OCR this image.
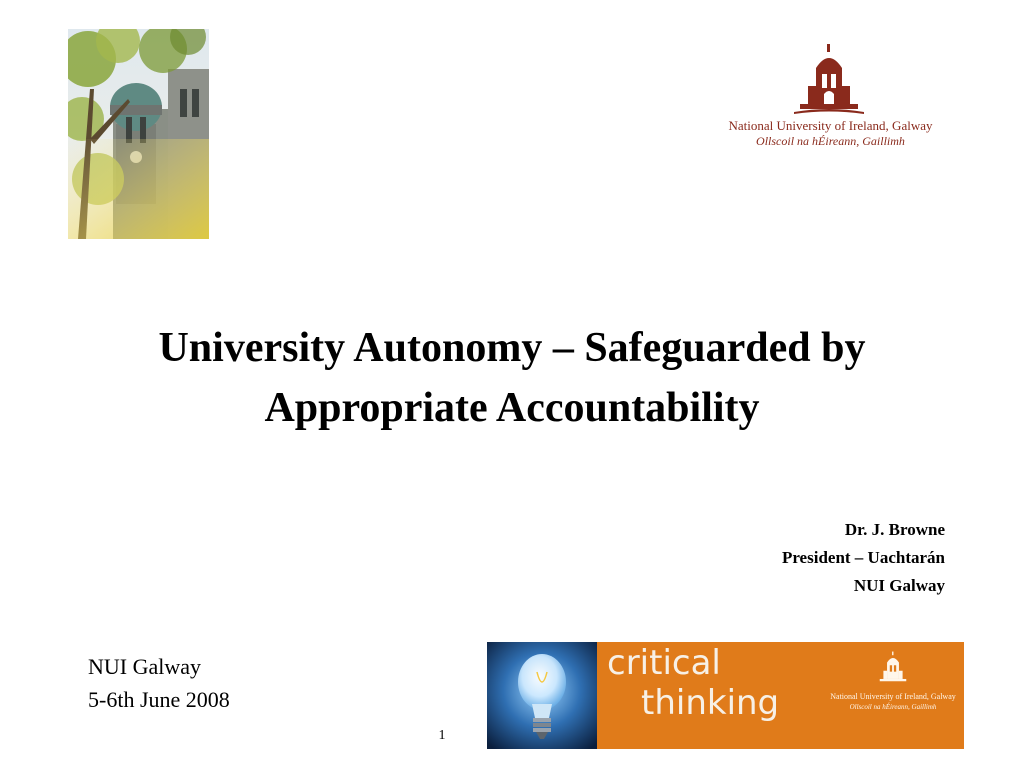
National University of Ireland, Galway
Ollscoil na hÉireann, Gaillimh
University Autonomy – Safeguarded by
Appropriate Accountability
Dr. J. Browne
President – Uachtarán
NUI Galway
NUI Galway
5-6th June 2008
1
critical
thinking	National University of Ireland, Galway
Ollscoil na hÉireann, Gaillimh
